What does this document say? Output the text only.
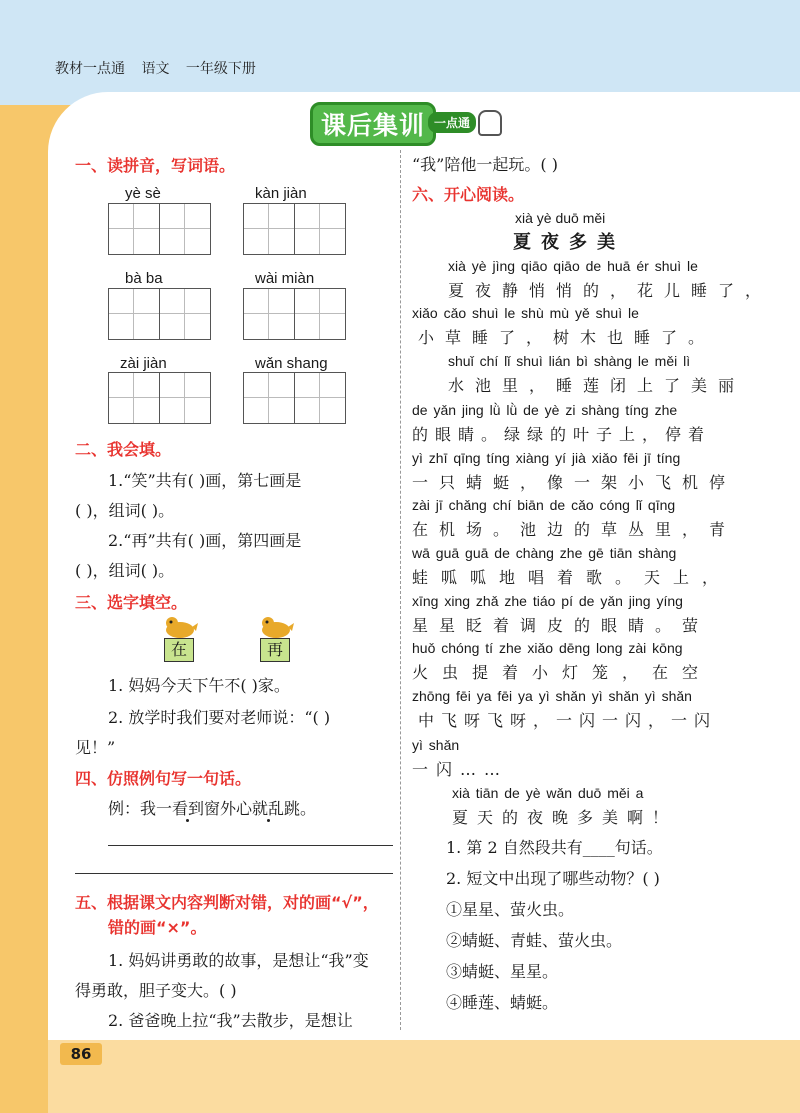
教材一点通 语文 一年级下册
课后集训 一点通
一、读拼音，写词语。
yè sè	kàn jiàn
bà ba	wài miàn
zài jiàn	wǎn shang
二、我会填。
1.“笑”共有( )画，第七画是
( )，组词( )。
2.“再”共有( )画，第四画是
( )，组词( )。
三、选字填空。
在	再
1. 妈妈今天下午不( )家。
2. 放学时我们要对老师说：“( )
见！”
四、仿照例句写一句话。
例：我一看到窗外心就乱跳。
五、根据课文内容判断对错，对的画“√”，
错的画“×”。
1. 妈妈讲勇敢的故事，是想让“我”变
得勇敢，胆子变大。( )
2. 爸爸晚上拉“我”去散步，是想让
“我”陪他一起玩。( )
六、开心阅读。
xià yè duō měi
夏夜多美
xià yè jìng qiāo qiāo de huā ér shuì le
夏夜静悄悄的，花儿睡了，
xiǎo cǎo shuì le shù mù yě shuì le
小草睡了，树木也睡了。
shuǐ chí lǐ shuì lián bì shàng le měi lì
水池里，睡莲闭上了美丽
de yǎn jing lǜ lǜ de yè zi shàng tíng zhe
的眼睛。绿绿的叶子上，停着
yì zhī qīng tíng xiàng yí jià xiǎo fēi jī tíng
一只蜻蜓，像一架小飞机停
zài jī chǎng chí biān de cǎo cóng lǐ qīng
在机场。池边的草丛里，青
wā guā guā de chàng zhe gē tiān shàng
蛙呱呱地唱着歌。天上，
xīng xing zhǎ zhe tiáo pí de yǎn jing yíng
星星眨着调皮的眼睛。萤
huǒ chóng tí zhe xiǎo dēng long zài kōng
火虫提着小灯笼，在空
zhōng fēi ya fēi ya yì shǎn yì shǎn yì shǎn
中飞呀飞呀，一闪一闪，一闪
yì shǎn
一闪……
xià tiān de yè wǎn duō měi a
夏天的夜晚多美啊！
1. 第 2 自然段共有____句话。
2. 短文中出现了哪些动物？( )
①星星、萤火虫。
②蜻蜓、青蛙、萤火虫。
③蜻蜓、星星。
④睡莲、蜻蜓。
86
